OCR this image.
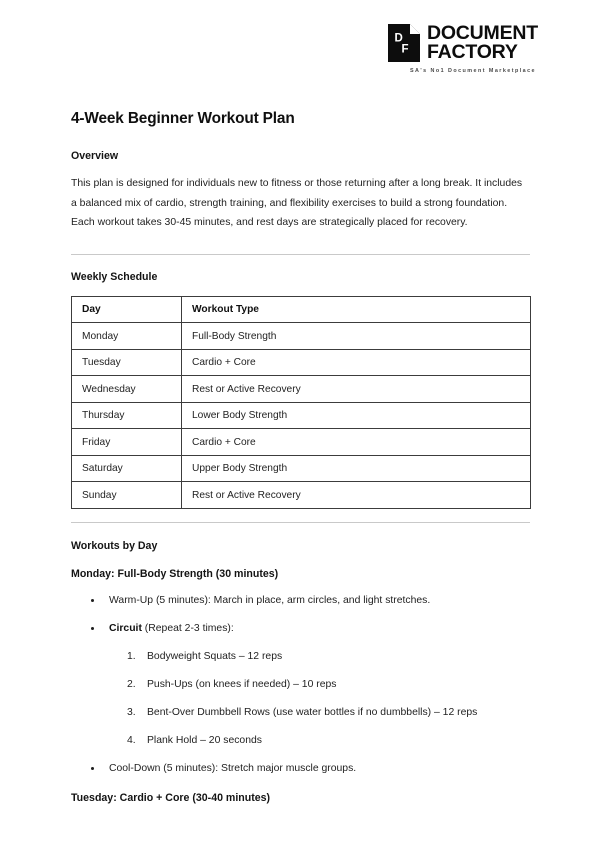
D
F
DOCUMENT
FACTORY
SA's No1 Document Marketplace
4-Week Beginner Workout Plan
Overview

This plan is designed for individuals new to fitness or those returning after a long break. It includes a balanced mix of cardio, strength training, and flexibility exercises to build a strong foundation. Each workout takes 30-45 minutes, and rest days are strategically placed for recovery.

Weekly Schedule
Day	Workout Type
Monday	Full-Body Strength
Tuesday	Cardio + Core
Wednesday	Rest or Active Recovery
Thursday	Lower Body Strength
Friday	Cardio + Core
Saturday	Upper Body Strength
Sunday	Rest or Active Recovery
Workouts by Day
Monday: Full-Body Strength (30 minutes)
Warm-Up (5 minutes): March in place, arm circles, and light stretches.
Circuit (Repeat 2-3 times):
Bodyweight Squats – 12 reps
Push-Ups (on knees if needed) – 10 reps
Bent-Over Dumbbell Rows (use water bottles if no dumbbells) – 12 reps
Plank Hold – 20 seconds
Cool-Down (5 minutes): Stretch major muscle groups.
Tuesday: Cardio + Core (30-40 minutes)
